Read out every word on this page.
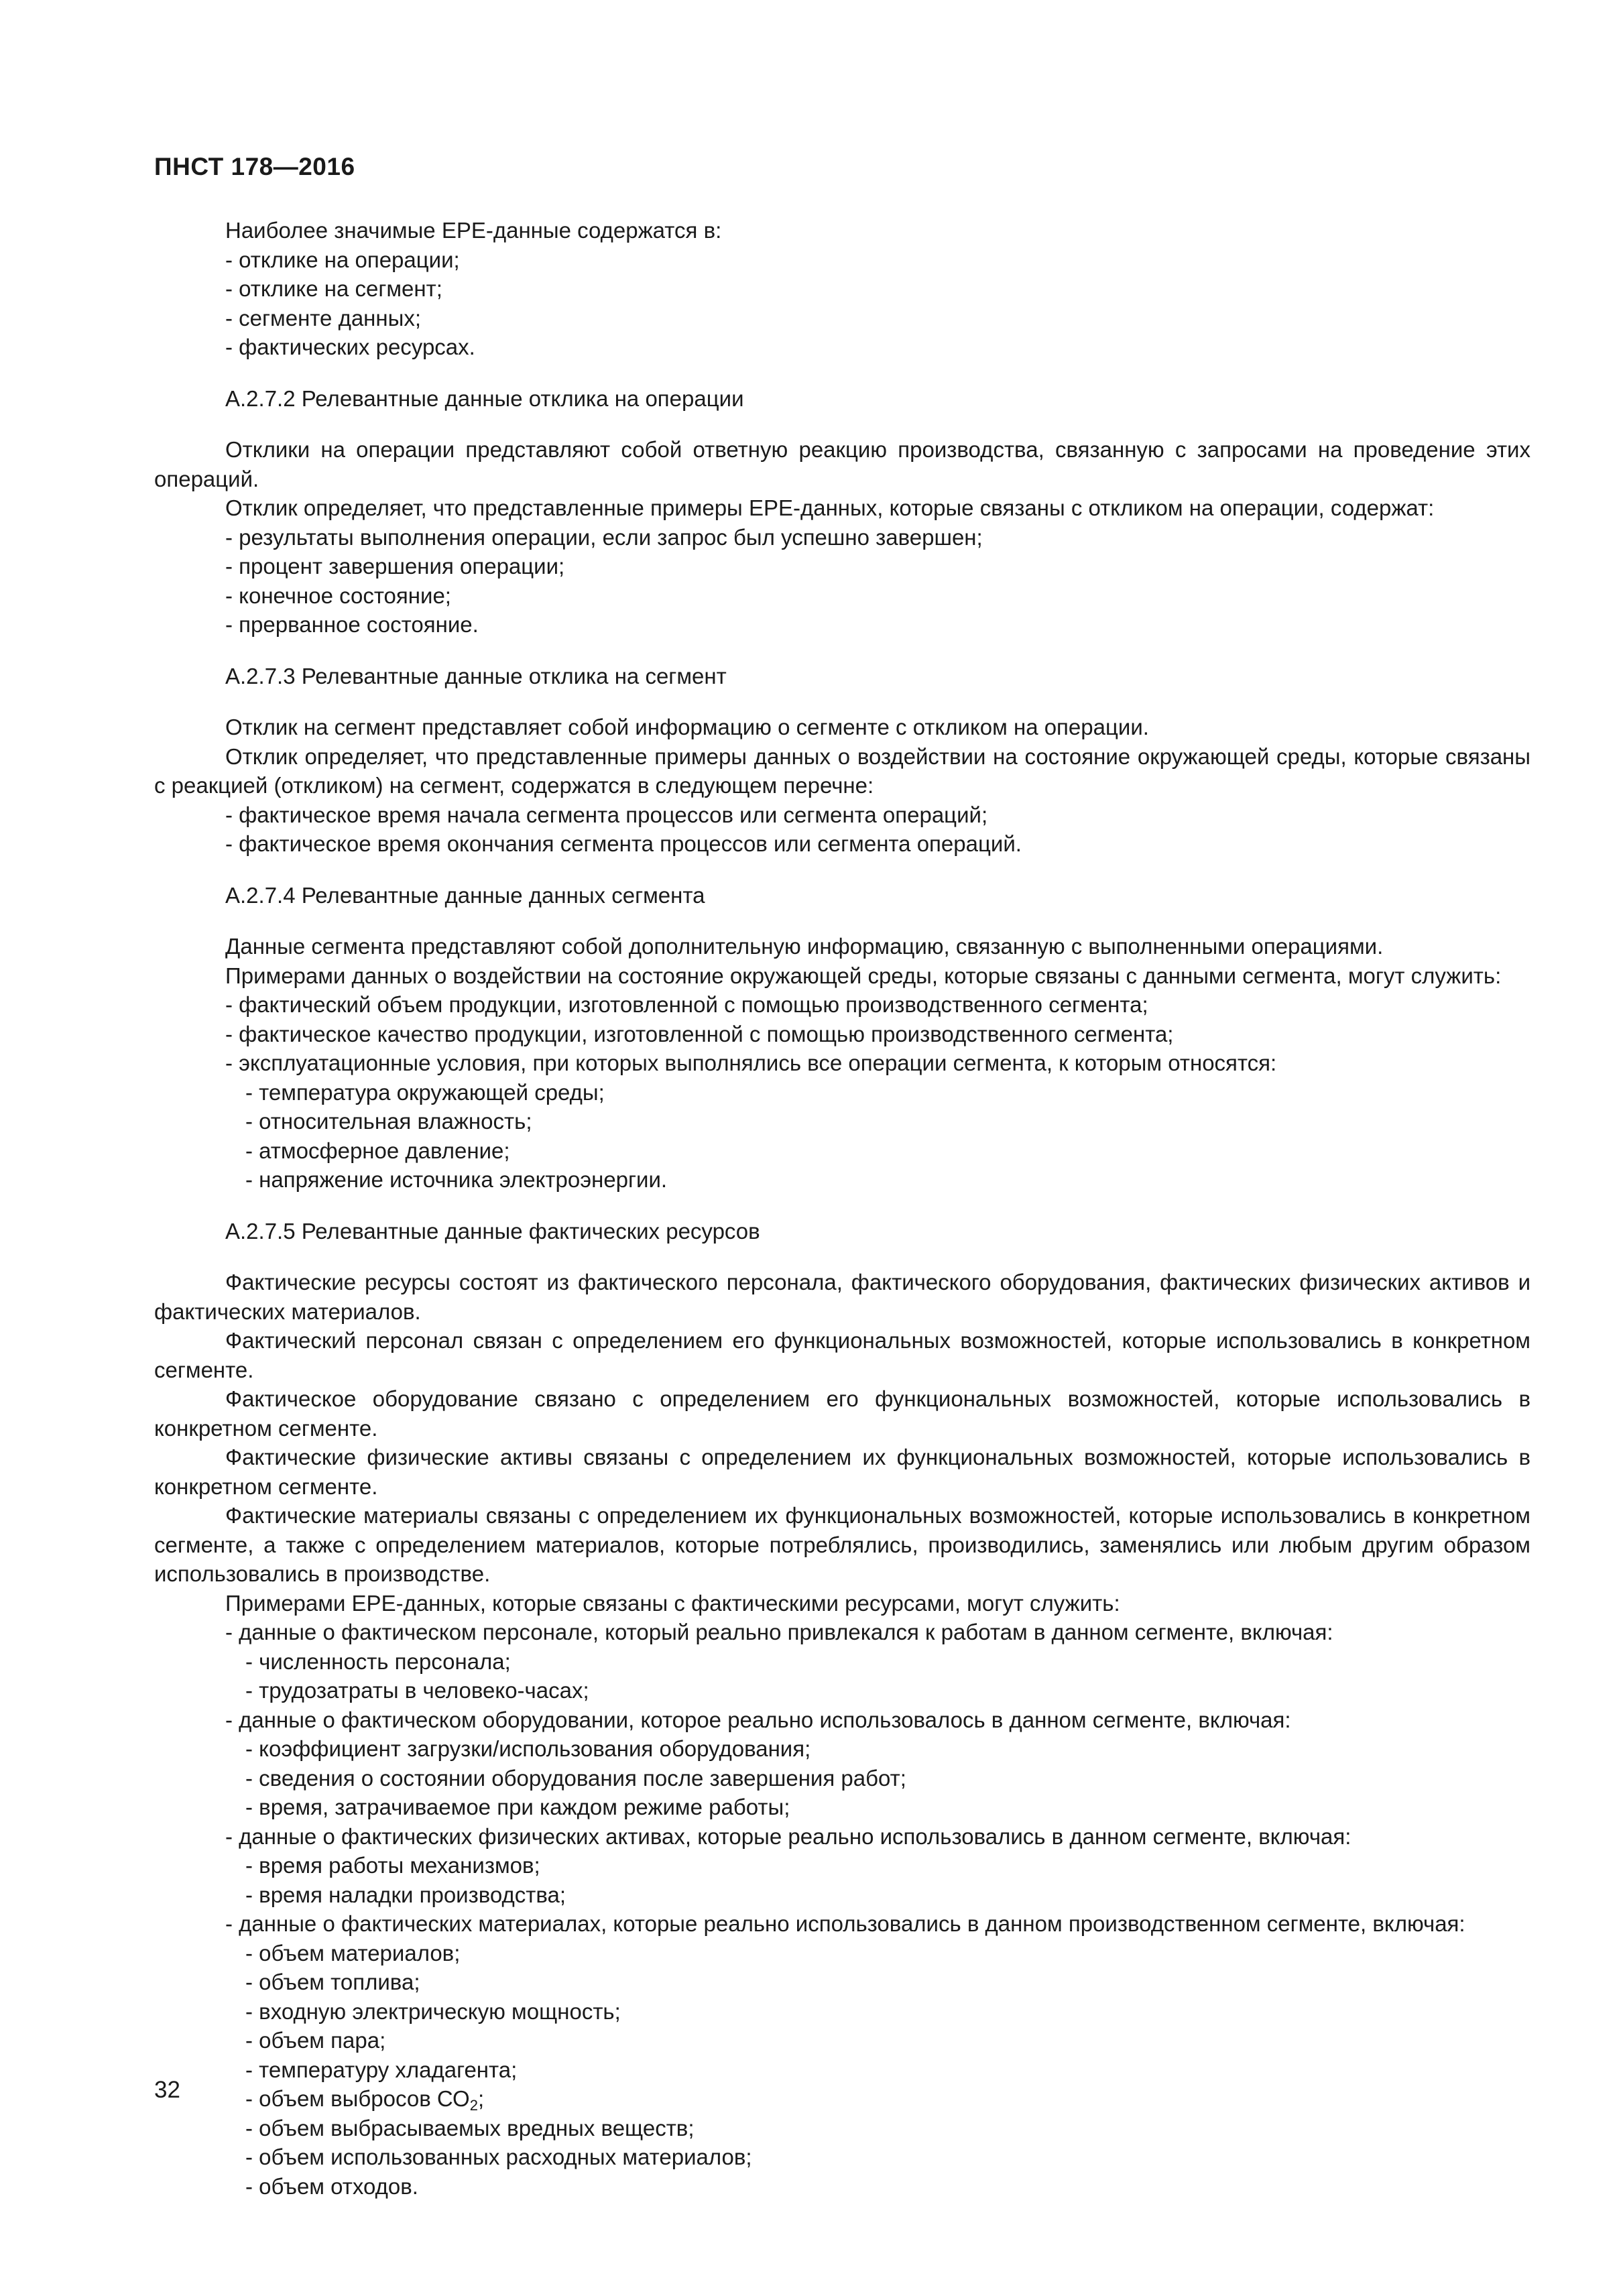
ПНСТ 178—2016

Наиболее значимые ЕРЕ-данные содержатся в:

- отклике на операции;

- отклике на сегмент;

- сегменте данных;

- фактических ресурсах.

А.2.7.2 Релевантные данные отклика на операции

Отклики на операции представляют собой ответную реакцию производства, связанную с запросами на проведение этих операций.

Отклик определяет, что представленные примеры ЕРЕ-данных, которые связаны с откликом на операции, содержат:

- результаты выполнения операции, если запрос был успешно завершен;

- процент завершения операции;

- конечное состояние;

- прерванное состояние.

А.2.7.3 Релевантные данные отклика на сегмент

Отклик на сегмент представляет собой информацию о сегменте с откликом на операции.

Отклик определяет, что представленные примеры данных о воздействии на состояние окружающей среды, которые связаны с реакцией (откликом) на сегмент, содержатся в следующем перечне:

- фактическое время начала сегмента процессов или сегмента операций;

- фактическое время окончания сегмента процессов или сегмента операций.

А.2.7.4 Релевантные данные данных сегмента

Данные сегмента представляют собой дополнительную информацию, связанную с выполненными операциями.

Примерами данных о воздействии на состояние окружающей среды, которые связаны с данными сегмента, могут служить:

- фактический объем продукции, изготовленной с помощью производственного сегмента;

- фактическое качество продукции, изготовленной с помощью производственного сегмента;

- эксплуатационные условия, при которых выполнялись все операции сегмента, к которым относятся:

- температура окружающей среды;

- относительная влажность;

- атмосферное давление;

- напряжение источника электроэнергии.

А.2.7.5 Релевантные данные фактических ресурсов

Фактические ресурсы состоят из фактического персонала, фактического оборудования, фактических физических активов и фактических материалов.

Фактический персонал связан с определением его функциональных возможностей, которые использовались в конкретном сегменте.

Фактическое оборудование связано с определением его функциональных возможностей, которые использовались в конкретном сегменте.

Фактические физические активы связаны с определением их функциональных возможностей, которые использовались в конкретном сегменте.

Фактические материалы связаны с определением их функциональных возможностей, которые использовались в конкретном сегменте, а также с определением материалов, которые потреблялись, производились, заменялись или любым другим образом использовались в производстве.

Примерами ЕРЕ-данных, которые связаны с фактическими ресурсами, могут служить:

- данные о фактическом персонале, который реально привлекался к работам в данном сегменте, включая:

- численность персонала;

- трудозатраты в человеко-часах;

- данные о фактическом оборудовании, которое реально использовалось в данном сегменте, включая:

- коэффициент загрузки/использования оборудования;

- сведения о состоянии оборудования после завершения работ;

- время, затрачиваемое при каждом режиме работы;

- данные о фактических физических активах, которые реально использовались в данном сегменте, включая:

- время работы механизмов;

- время наладки производства;

- данные о фактических материалах, которые реально использовались в данном производственном сегменте, включая:

- объем материалов;

- объем топлива;

- входную электрическую мощность;

- объем пара;

- температуру хладагента;

- объем выбросов $СО_2$;

- объем выбрасываемых вредных веществ;

- объем использованных расходных материалов;

- объем отходов.

32
